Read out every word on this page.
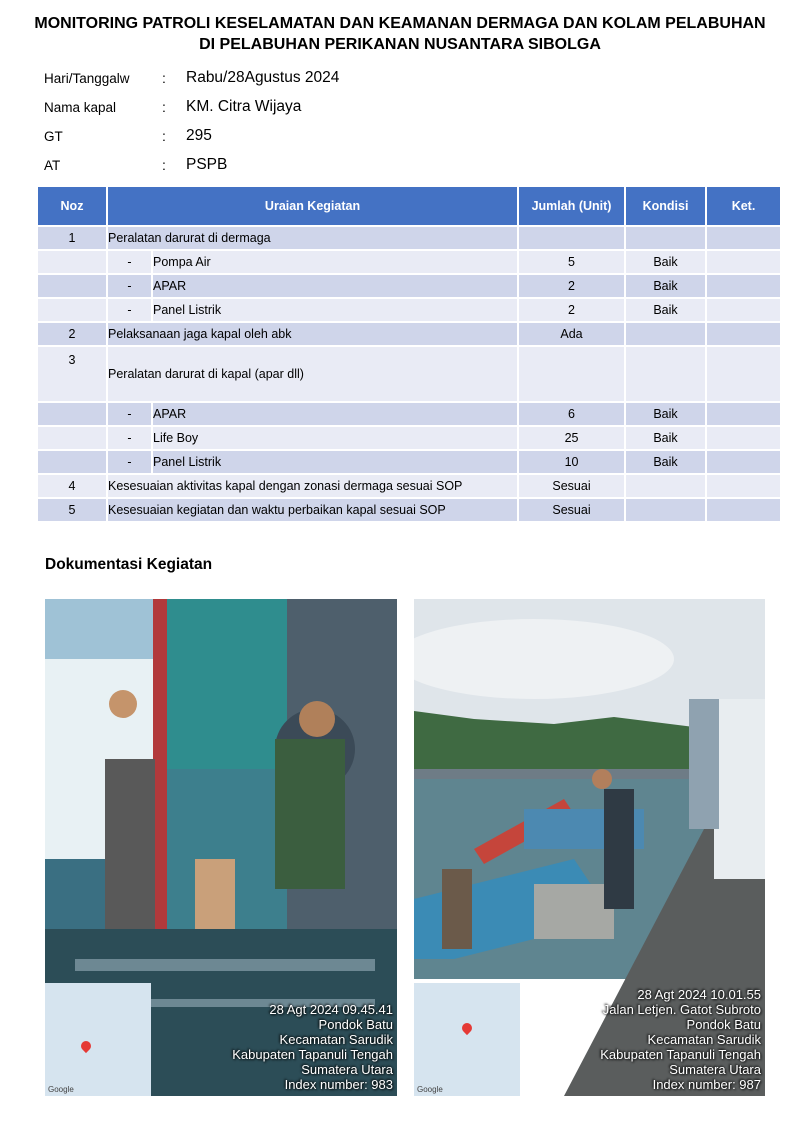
MONITORING PATROLI KESELAMATAN DAN KEAMANAN DERMAGA DAN KOLAM PELABUHAN
DI PELABUHAN PERIKANAN NUSANTARA SIBOLGA
Hari/Tanggalw	:	Rabu/28Agustus 2024
Nama kapal	:	KM. Citra Wijaya
GT	:	295
AT	:	PSPB
Noz	Uraian Kegiatan		Jumlah (Unit)	Kondisi	Ket.
1	Peralatan darurat di dermaga				
	-	Pompa Air	5	Baik	
	-	APAR	2	Baik	
	-	Panel Listrik	2	Baik	
2	Pelaksanaan jaga kapal oleh abk		Ada		
3	Peralatan darurat di kapal (apar dll)				
	-	APAR	6	Baik	
	-	Life Boy	25	Baik	
	-	Panel Listrik	10	Baik	
4	Kesesuaian aktivitas kapal dengan zonasi dermaga sesuai SOP		Sesuai		
5	Kesesuaian kegiatan dan waktu perbaikan kapal sesuai SOP		Sesuai		
Dokumentasi Kegiatan
Google
28 Agt 2024 09.45.41
Pondok Batu
Kecamatan Sarudik
Kabupaten Tapanuli Tengah
Sumatera Utara
Index number: 983	Google
28 Agt 2024 10.01.55
Jalan Letjen. Gatot Subroto
Pondok Batu
Kecamatan Sarudik
Kabupaten Tapanuli Tengah
Sumatera Utara
Index number: 987
